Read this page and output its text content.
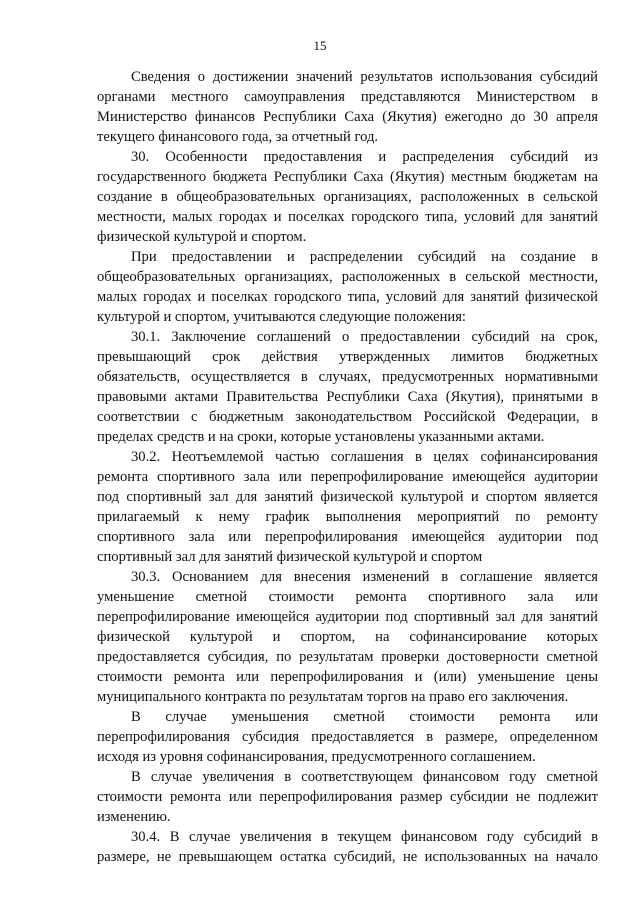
15

Сведения о достижении значений результатов использования субсидий
органами местного самоуправления представляются Министерством в
Министерство финансов Республики Саха (Якутия) ежегодно до 30 апреля
текущего финансового года, за отчетный год.

30. Особенности предоставления и распределения субсидий из
государственного бюджета Республики Саха (Якутия) местным бюджетам на
создание в общеобразовательных организациях, расположенных в сельской
местности, малых городах и поселках городского типа, условий для занятий
физической культурой и спортом.

При предоставлении и распределении субсидий на создание в
общеобразовательных организациях, расположенных в сельской местности,
малых городах и поселках городского типа, условий для занятий физической
культурой и спортом, учитываются следующие положения:

30.1. Заключение соглашений о предоставлении субсидий на срок,
превышающий срок действия утвержденных лимитов бюджетных
обязательств, осуществляется в случаях, предусмотренных нормативными
правовыми актами Правительства Республики Саха (Якутия), принятыми в
соответствии с бюджетным законодательством Российской Федерации, в
пределах средств и на сроки, которые установлены указанными актами.

30.2. Неотъемлемой частью соглашения в целях софинансирования
ремонта спортивного зала или перепрофилирование имеющейся аудитории
под спортивный зал для занятий физической культурой и спортом является
прилагаемый к нему график выполнения мероприятий по ремонту
спортивного зала или перепрофилирования имеющейся аудитории под
спортивный зал для занятий физической культурой и спортом

30.3. Основанием для внесения изменений в соглашение является
уменьшение сметной стоимости ремонта спортивного зала или
перепрофилирование имеющейся аудитории под спортивный зал для занятий
физической культурой и спортом, на софинансирование которых
предоставляется субсидия, по результатам проверки достоверности сметной
стоимости ремонта или перепрофилирования и (или) уменьшение цены
муниципального контракта по результатам торгов на право его заключения.

В случае уменьшения сметной стоимости ремонта или
перепрофилирования субсидия предоставляется в размере, определенном
исходя из уровня софинансирования, предусмотренного соглашением.

В случае увеличения в соответствующем финансовом году сметной
стоимости ремонта или перепрофилирования размер субсидии не подлежит
изменению.

30.4. В случае увеличения в текущем финансовом году субсидий в
размере, не превышающем остатка субсидий, не использованных на начало
